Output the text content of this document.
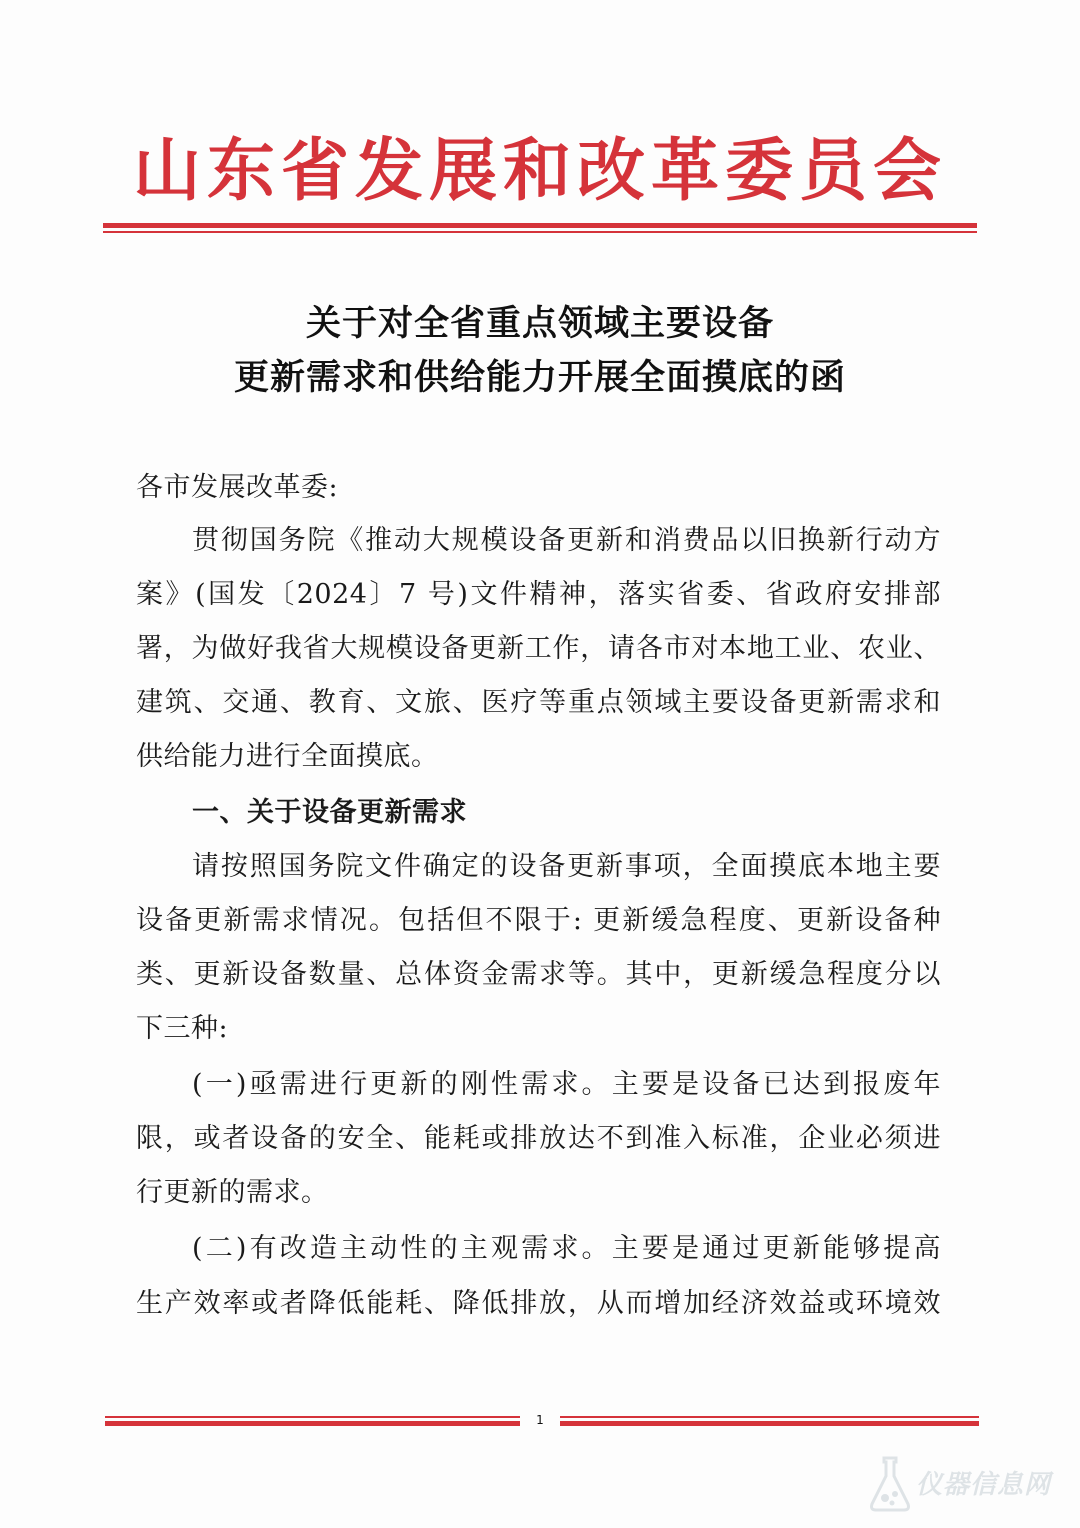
山东省发展和改革委员会
关于对全省重点领域主要设备
更新需求和供给能力开展全面摸底的函
各市发展改革委:
贯彻国务院《推动大规模设备更新和消费品以旧换新行动方
案》(国发〔2024〕7 号)文件精神，落实省委、省政府安排部
署，为做好我省大规模设备更新工作，请各市对本地工业、农业、
建筑、交通、教育、文旅、医疗等重点领域主要设备更新需求和
供给能力进行全面摸底。
一、关于设备更新需求
请按照国务院文件确定的设备更新事项，全面摸底本地主要
设备更新需求情况。包括但不限于: 更新缓急程度、更新设备种
类、更新设备数量、总体资金需求等。其中，更新缓急程度分以
下三种:
(一)亟需进行更新的刚性需求。主要是设备已达到报废年
限，或者设备的安全、能耗或排放达不到准入标准，企业必须进
行更新的需求。
(二)有改造主动性的主观需求。主要是通过更新能够提高
生产效率或者降低能耗、降低排放，从而增加经济效益或环境效
1
仪器信息网
